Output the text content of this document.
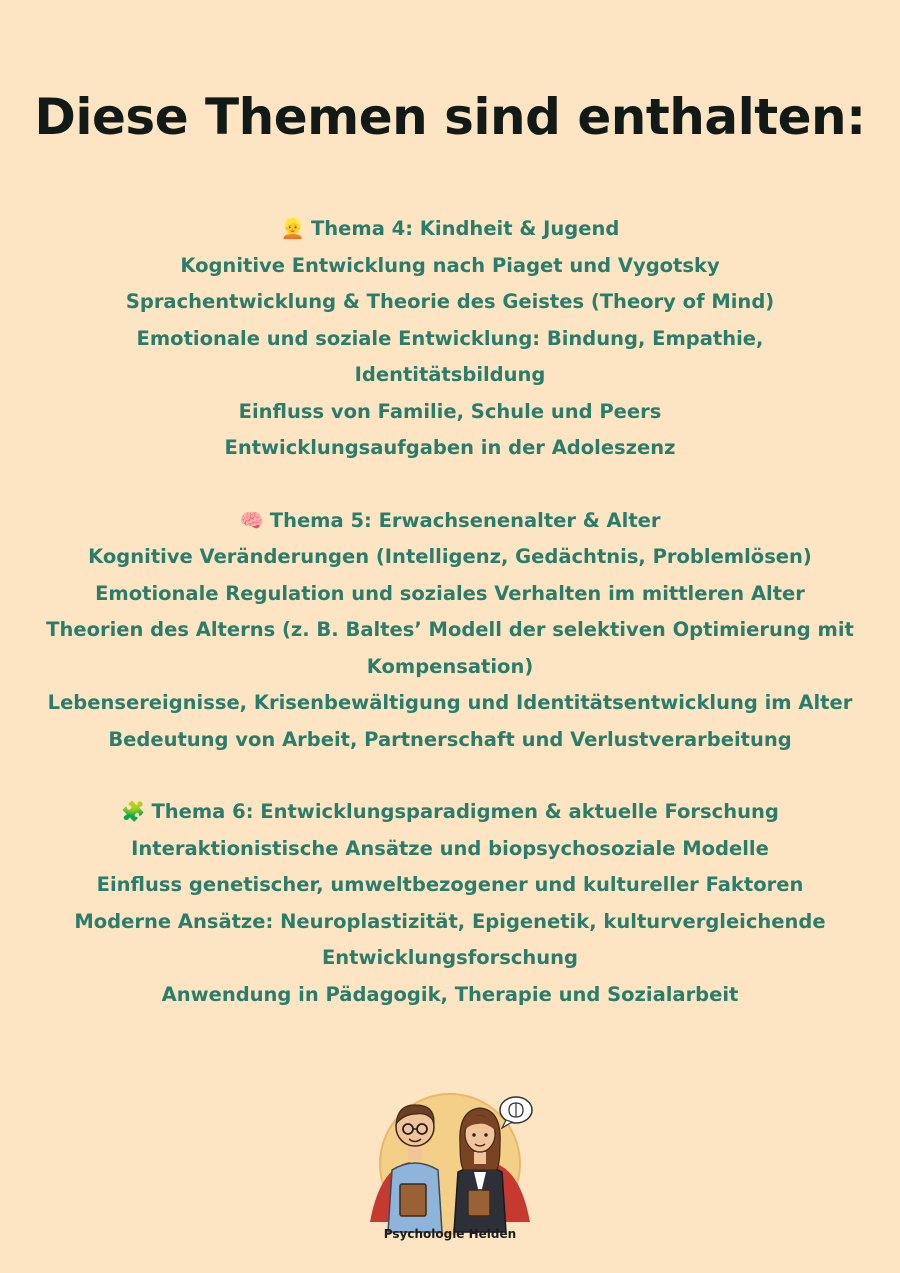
Diese Themen sind enthalten:
👱 Thema 4: Kindheit & Jugend
Kognitive Entwicklung nach Piaget und Vygotsky
Sprachentwicklung & Theorie des Geistes (Theory of Mind)
Emotionale und soziale Entwicklung: Bindung, Empathie, Identitätsbildung
Einfluss von Familie, Schule und Peers
Entwicklungsaufgaben in der Adoleszenz
🧠 Thema 5: Erwachsenenalter & Alter
Kognitive Veränderungen (Intelligenz, Gedächtnis, Problemlösen)
Emotionale Regulation und soziales Verhalten im mittleren Alter
Theorien des Alterns (z. B. Baltes’ Modell der selektiven Optimierung mit
Kompensation)
Lebensereignisse, Krisenbewältigung und Identitätsentwicklung im Alter
Bedeutung von Arbeit, Partnerschaft und Verlustverarbeitung
🧩 Thema 6: Entwicklungsparadigmen & aktuelle Forschung
Interaktionistische Ansätze und biopsychosoziale Modelle
Einfluss genetischer, umweltbezogener und kultureller Faktoren
Moderne Ansätze: Neuroplastizität, Epigenetik, kulturvergleichende
Entwicklungsforschung
Anwendung in Pädagogik, Therapie und Sozialarbeit
Psychologie Helden
